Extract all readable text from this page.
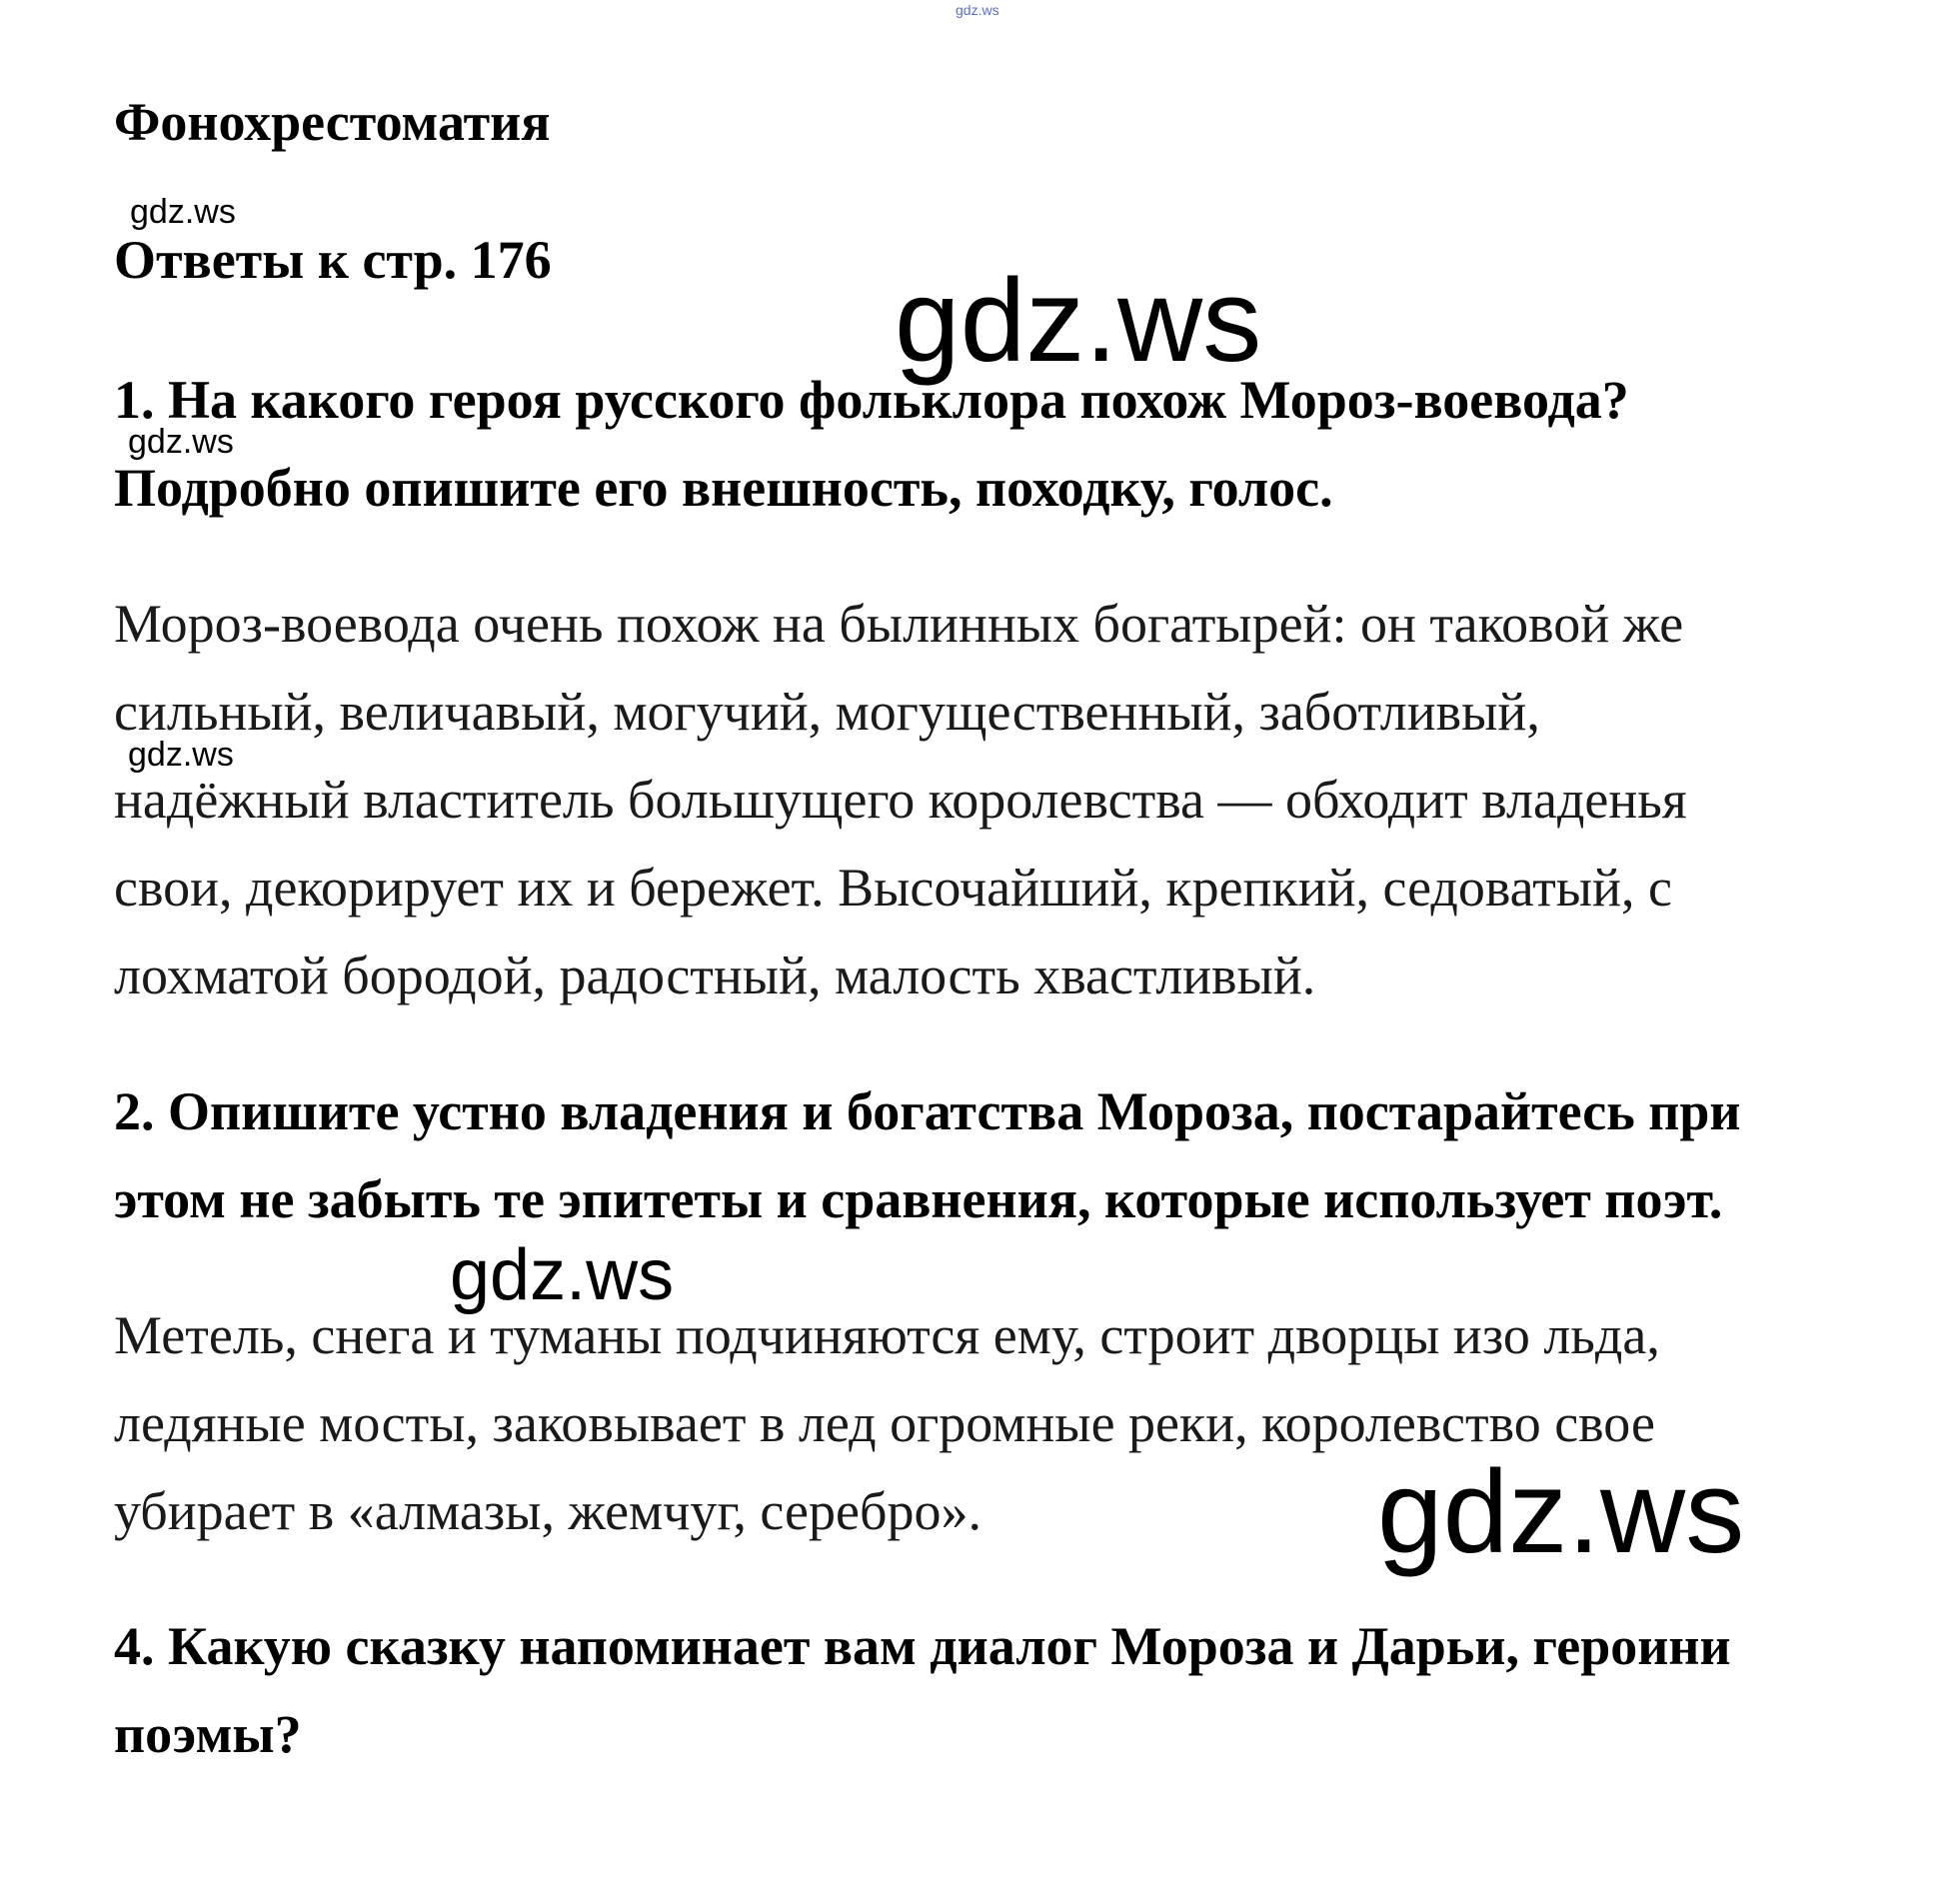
gdz.ws
gdz.ws
gdz.ws
gdz.ws
gdz.ws
gdz.ws
gdz.ws
Фонохрестоматия
Ответы к стр. 176
1. На какого героя русского фольклора похож Мороз-воевода?
Подробно опишите его внешность, походку, голос.
Мороз-воевода очень похож на былинных богатырей: он таковой же
сильный, величавый, могучий, могущественный, заботливый,
надёжный властитель большущего королевства — обходит владенья
свои, декорирует их и бережет. Высочайший, крепкий, седоватый, с
лохматой бородой, радостный, малость хвастливый.
2. Опишите устно владения и богатства Мороза, постарайтесь при
этом не забыть те эпитеты и сравнения, которые использует поэт.
Метель, снега и туманы подчиняются ему, строит дворцы изо льда,
ледяные мосты, заковывает в лед огромные реки, королевство свое
убирает в «алмазы, жемчуг, серебро».
4. Какую сказку напоминает вам диалог Мороза и Дарьи, героини
поэмы?
